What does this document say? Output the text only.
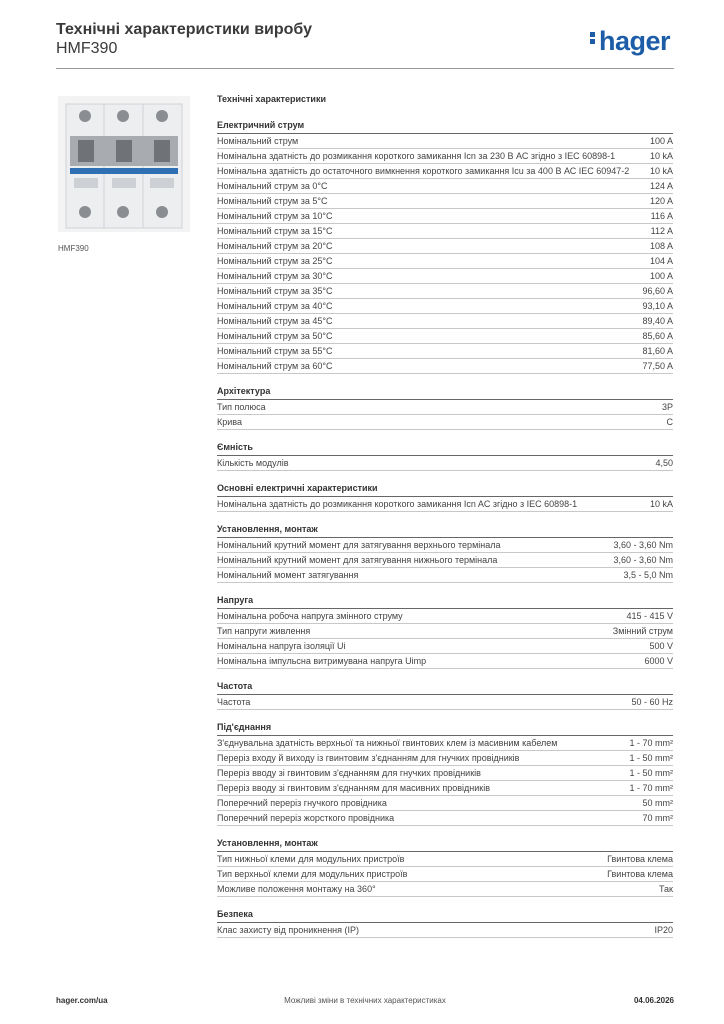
Технічні характеристики виробу
HMF390	hager
HMF390
Технічні характеристики
Електричний струм
Номінальний струм	100 A
Номінальна здатність до розмикання короткого замикання Icn за 230 В АС згідно з IEC 60898-1	10 kA
Номінальна здатність до остаточного вимкнення короткого замикання Icu за 400 В АС IEC 60947-2	10 kA
Номінальний струм за 0°C	124 A
Номінальний струм за 5°C	120 A
Номінальний струм за 10°C	116 A
Номінальний струм за 15°C	112 A
Номінальний струм за 20°C	108 A
Номінальний струм за 25°C	104 A
Номінальний струм за 30°C	100 A
Номінальний струм за 35°C	96,60 A
Номінальний струм за 40°C	93,10 A
Номінальний струм за 45°C	89,40 A
Номінальний струм за 50°C	85,60 A
Номінальний струм за 55°C	81,60 A
Номінальний струм за 60°C	77,50 A
Архітектура
Тип полюса	3P
Крива	C
Ємність
Кількість модулів	4,50
Основні електричні характеристики
Номінальна здатність до розмикання короткого замикання Icn AC згідно з IEC 60898-1	10 kA
Установлення, монтаж
Номінальний крутний момент для затягування верхнього термінала	3,60 - 3,60 Nm
Номінальний крутний момент для затягування нижнього термінала	3,60 - 3,60 Nm
Номінальний момент затягування	3,5 - 5,0 Nm
Напруга
Номінальна робоча напруга змінного струму	415 - 415 V
Тип напруги живлення	Змінний струм
Номінальна напруга ізоляції Ui	500 V
Номінальна імпульсна витримувана напруга Uimp	6000 V
Частота
Частота	50 - 60 Hz
Під'єднання
З'єднувальна здатність верхньої та нижньої гвинтових клем із масивним кабелем	1 - 70 mm²
Переріз входу й виходу із гвинтовим з'єднанням для гнучких провідників	1 - 50 mm²
Переріз вводу зі гвинтовим з'єднанням для гнучких провідників	1 - 50 mm²
Переріз вводу зі гвинтовим з'єднанням для масивних провідників	1 - 70 mm²
Поперечний переріз гнучкого провідника	50 mm²
Поперечний переріз жорсткого провідника	70 mm²
Установлення, монтаж
Тип нижньої клеми для модульних пристроїв	Гвинтова клема
Тип верхньої клеми для модульних пристроїв	Гвинтова клема
Можливе положення монтажу на 360°	Так
Безпека
Клас захисту від проникнення (IP)	IP20
hager.com/ua	Можливі зміни в технічних характеристиках	04.06.2026
